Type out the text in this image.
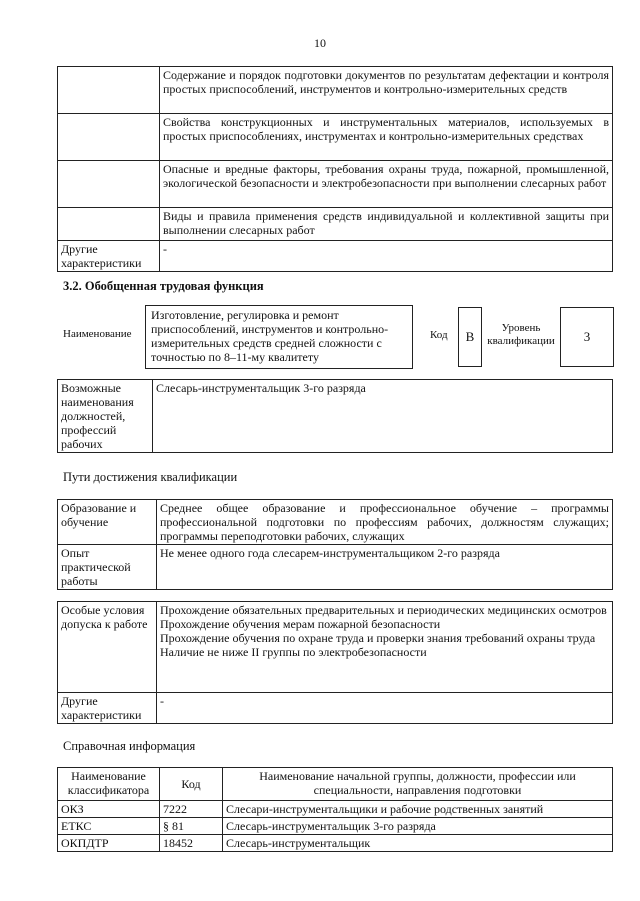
10
	Содержание и порядок подготовки документов по результатам дефектации и контроля простых приспособлений, инструментов и контрольно-измерительных средств
	Свойства конструкционных и инструментальных материалов, используемых в простых приспособлениях, инструментах и контрольно-измерительных средствах
	Опасные и вредные факторы, требования охраны труда, пожарной, промышленной, экологической безопасности и электробезопасности при выполнении слесарных работ
	Виды и правила применения средств индивидуальной и коллективной защиты при выполнении слесарных работ
Другие характеристики	-
3.2. Обобщенная трудовая функция
Наименование
Изготовление, регулировка и ремонт приспособлений, инструментов и контрольно-измерительных средств средней сложности с точностью по 8–11-му квалитету
Код	B
Уровень квалификации	3
Возможные наименования должностей, профессий рабочих	Слесарь-инструментальщик 3-го разряда
Пути достижения квалификации
Образование и обучение	Среднее общее образование и профессиональное обучение – программы профессиональной подготовки по профессиям рабочих, должностям служащих; программы переподготовки рабочих, служащих
Опыт практической работы	Не менее одного года слесарем-инструментальщиком 2-го разряда
Особые условия допуска к работе	Прохождение обязательных предварительных и периодических медицинских осмотров
Прохождение обучения мерам пожарной безопасности
Прохождение обучения по охране труда и проверки знания требований охраны труда
Наличие не ниже II группы по электробезопасности

Другие характеристики	-
Справочная информация
Наименование классификатора	Код	Наименование начальной группы, должности, профессии или специальности, направления подготовки
ОКЗ	7222	Слесари-инструментальщики и рабочие родственных занятий
ЕТКС	§ 81	Слесарь-инструментальщик 3-го разряда
ОКПДТР	18452	Слесарь-инструментальщик
